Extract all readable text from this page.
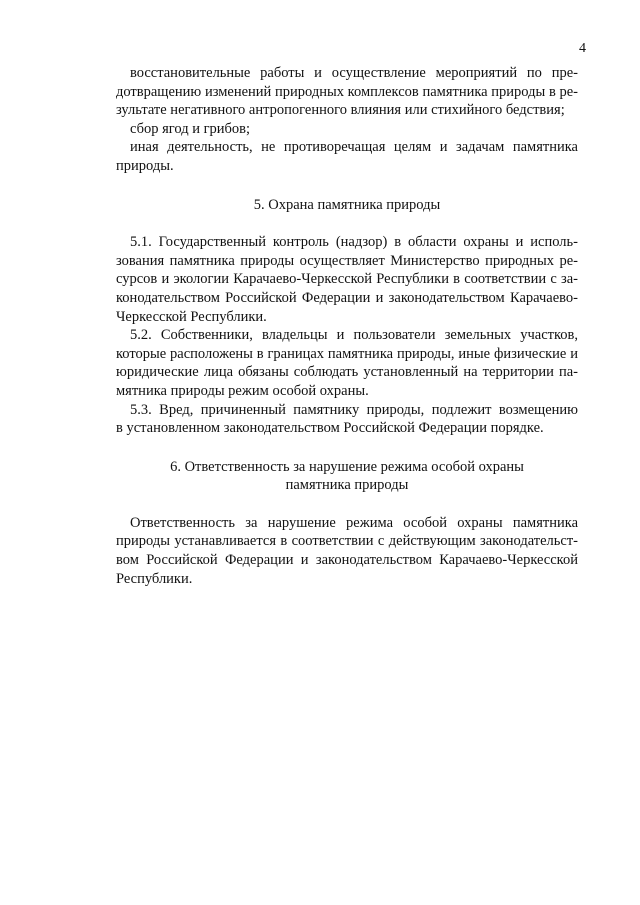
4
восстановительные работы и осуществление мероприятий по пре-
дотвращению изменений природных комплексов памятника природы в ре-
зультате негативного антропогенного влияния или стихийного бедствия;
сбор ягод и грибов;
иная деятельность, не противоречащая целям и задачам памятника
природы.
5. Охрана памятника природы
5.1. Государственный контроль (надзор) в области охраны и исполь-
зования памятника природы осуществляет Министерство природных ре-
сурсов и экологии Карачаево-Черкесской Республики в соответствии с за-
конодательством Российской Федерации и законодательством Карачаево-
Черкесской Республики.
5.2. Собственники, владельцы и пользователи земельных участков,
которые расположены в границах памятника природы, иные физические и
юридические лица обязаны соблюдать установленный на территории па-
мятника природы режим особой охраны.
5.3. Вред, причиненный памятнику природы, подлежит возмещению
в установленном законодательством Российской Федерации порядке.
6. Ответственность за нарушение режима особой охраны
памятника природы
Ответственность за нарушение режима особой охраны памятника
природы устанавливается в соответствии с действующим законодательст-
вом Российской Федерации и законодательством Карачаево-Черкесской
Республики.
